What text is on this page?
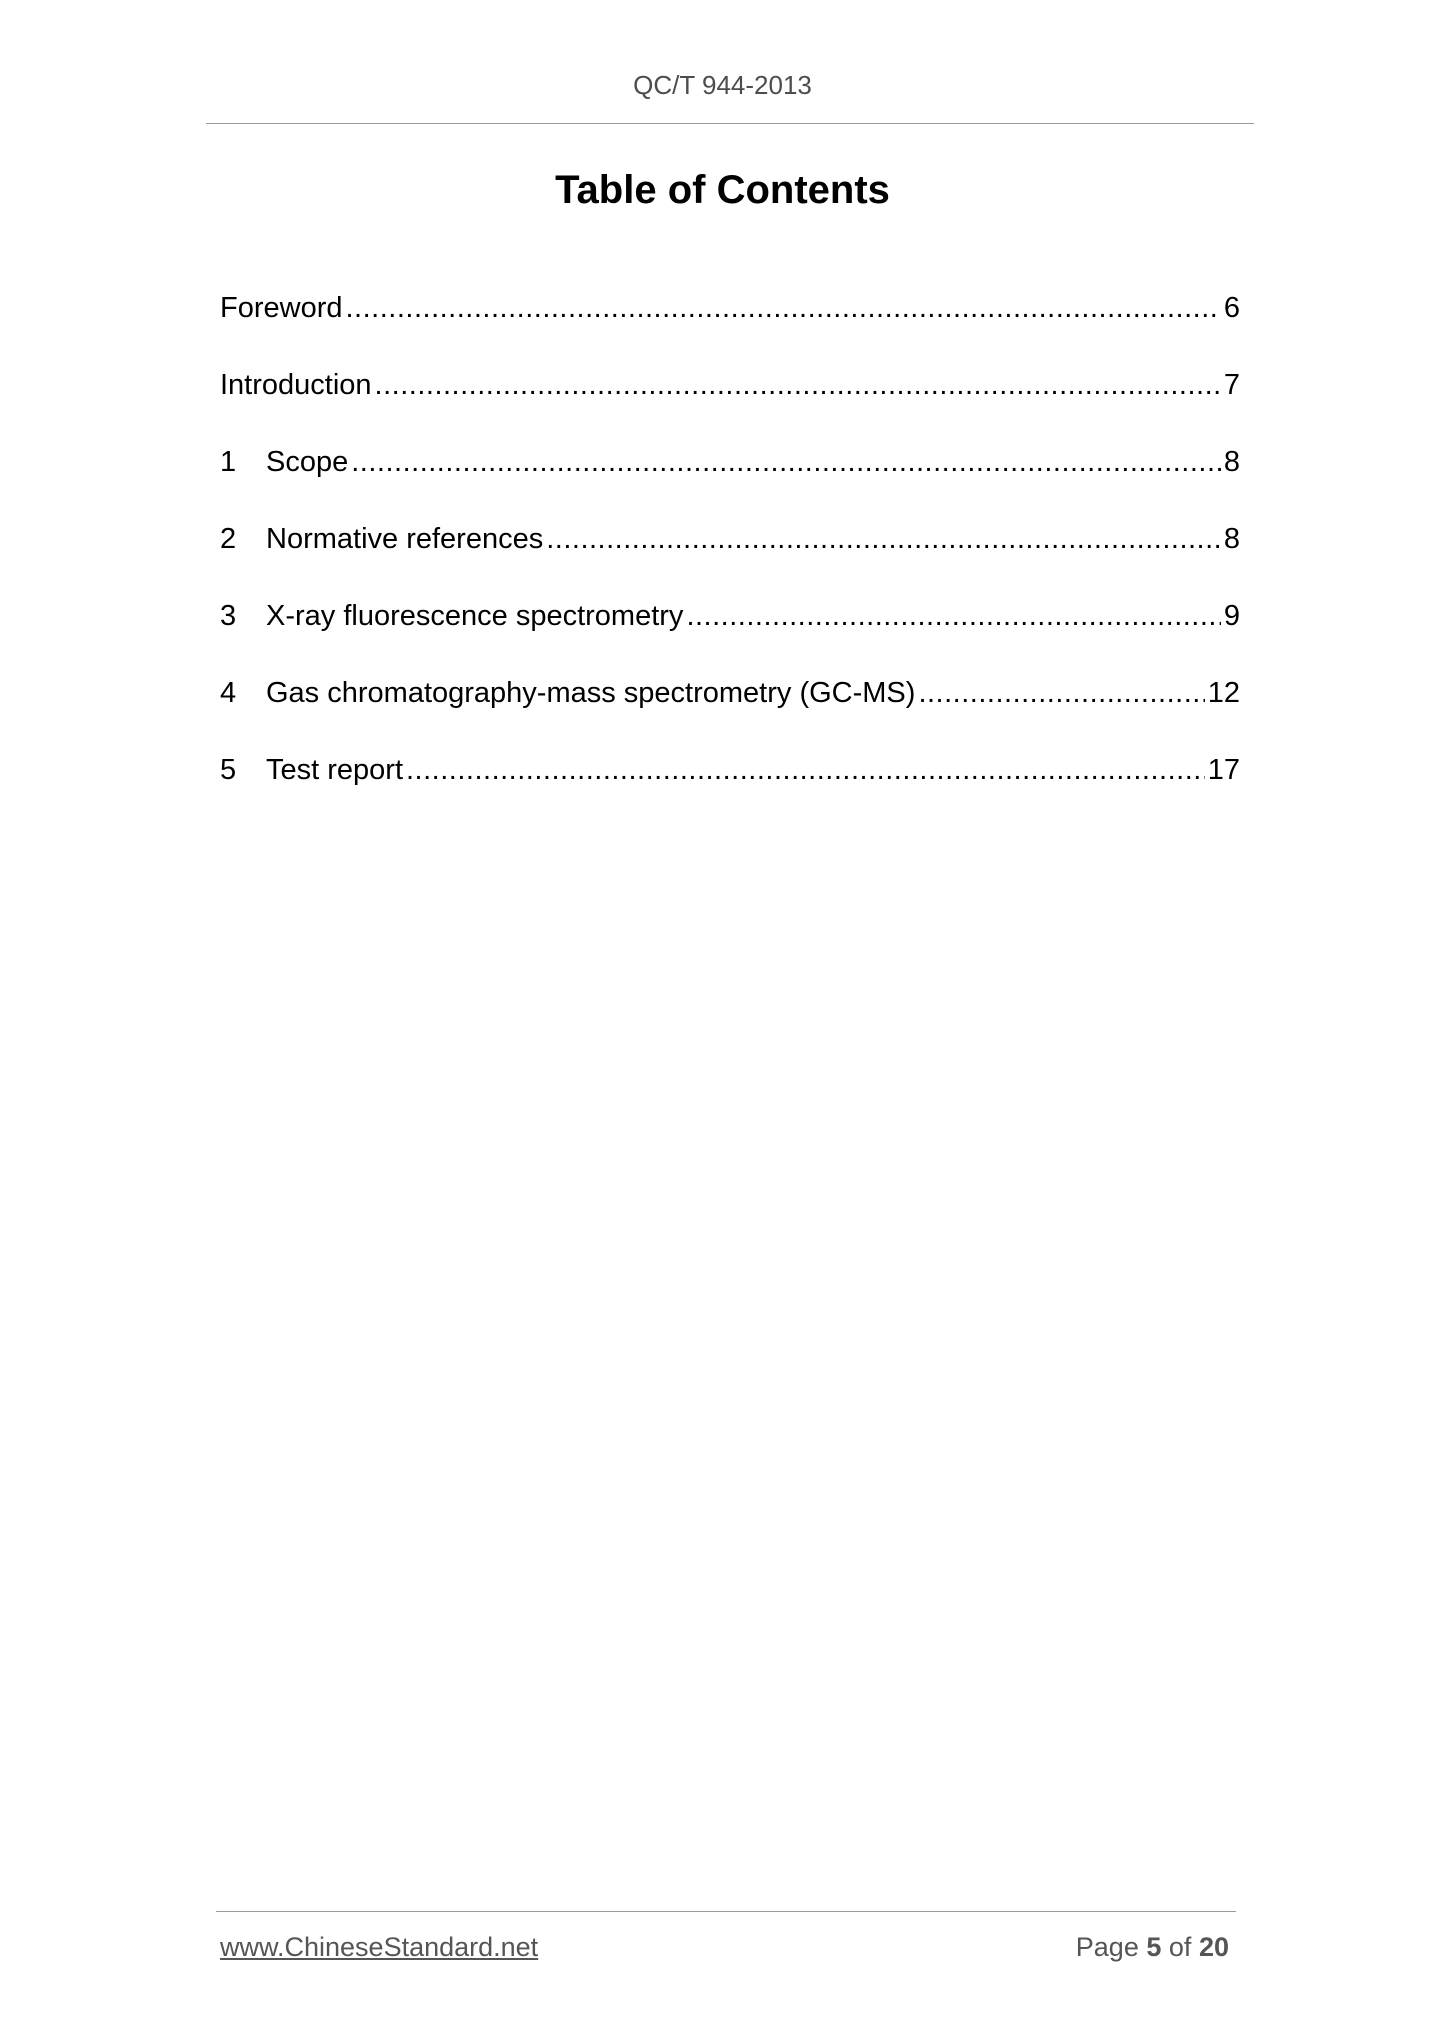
QC/T 944-2013
Table of Contents
Foreword .....	6
Introduction .....	7
1	Scope .....	8
2	Normative references .....	8
3	X-ray fluorescence spectrometry .....	9
4	Gas chromatography-mass spectrometry (GC-MS) .....	12
5	Test report .....	17
www.ChineseStandard.net	Page 5 of 20
